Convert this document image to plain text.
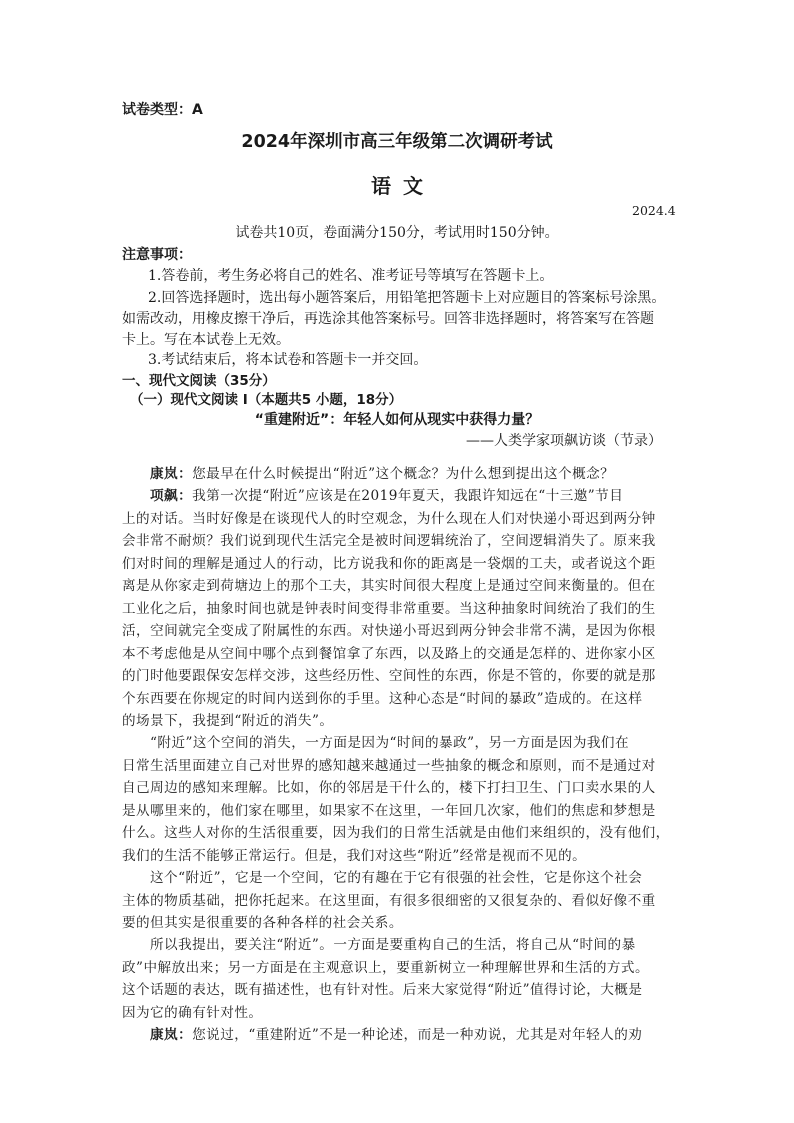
试卷类型：A
2024年深圳市高三年级第二次调研考试
语文
2024.4
试卷共10页，卷面满分150分，考试用时150分钟。
注意事项：
1.答卷前，考生务必将自己的姓名、准考证号等填写在答题卡上。
2.回答选择题时，选出每小题答案后，用铅笔把答题卡上对应题目的答案标号涂黑。
如需改动，用橡皮擦干净后，再选涂其他答案标号。回答非选择题时，将答案写在答题
卡上。写在本试卷上无效。
3.考试结束后，将本试卷和答题卡一并交回。
一、现代文阅读（35分）
（一）现代文阅读 I（本题共5 小题，18分）
“重建附近”：年轻人如何从现实中获得力量？
——人类学家项飙访谈（节录）
康岚：您最早在什么时候提出“附近”这个概念？为什么想到提出这个概念？
项飙：我第一次提“附近”应该是在2019年夏天，我跟许知远在“十三邀”节目
上的对话。当时好像是在谈现代人的时空观念，为什么现在人们对快递小哥迟到两分钟
会非常不耐烦？我们说到现代生活完全是被时间逻辑统治了，空间逻辑消失了。原来我
们对时间的理解是通过人的行动，比方说我和你的距离是一袋烟的工夫，或者说这个距
离是从你家走到荷塘边上的那个工夫，其实时间很大程度上是通过空间来衡量的。但在
工业化之后，抽象时间也就是钟表时间变得非常重要。当这种抽象时间统治了我们的生
活，空间就完全变成了附属性的东西。对快递小哥迟到两分钟会非常不满，是因为你根
本不考虑他是从空间中哪个点到餐馆拿了东西，以及路上的交通是怎样的、进你家小区
的门时他要跟保安怎样交涉，这些经历性、空间性的东西，你是不管的，你要的就是那
个东西要在你规定的时间内送到你的手里。这种心态是“时间的暴政”造成的。在这样
的场景下，我提到“附近的消失”。
“附近”这个空间的消失，一方面是因为“时间的暴政”，另一方面是因为我们在
日常生活里面建立自己对世界的感知越来越通过一些抽象的概念和原则，而不是通过对
自己周边的感知来理解。比如，你的邻居是干什么的，楼下打扫卫生、门口卖水果的人
是从哪里来的，他们家在哪里，如果家不在这里，一年回几次家，他们的焦虑和梦想是
什么。这些人对你的生活很重要，因为我们的日常生活就是由他们来组织的，没有他们，
我们的生活不能够正常运行。但是，我们对这些“附近”经常是视而不见的。
这个“附近”，它是一个空间，它的有趣在于它有很强的社会性，它是你这个社会
主体的物质基础，把你托起来。在这里面，有很多很细密的又很复杂的、看似好像不重
要的但其实是很重要的各种各样的社会关系。
所以我提出，要关注“附近”。一方面是要重构自己的生活，将自己从“时间的暴
政”中解放出来；另一方面是在主观意识上，要重新树立一种理解世界和生活的方式。
这个话题的表达，既有描述性，也有针对性。后来大家觉得“附近”值得讨论，大概是
因为它的确有针对性。
康岚：您说过，“重建附近”不是一种论述，而是一种劝说，尤其是对年轻人的劝
